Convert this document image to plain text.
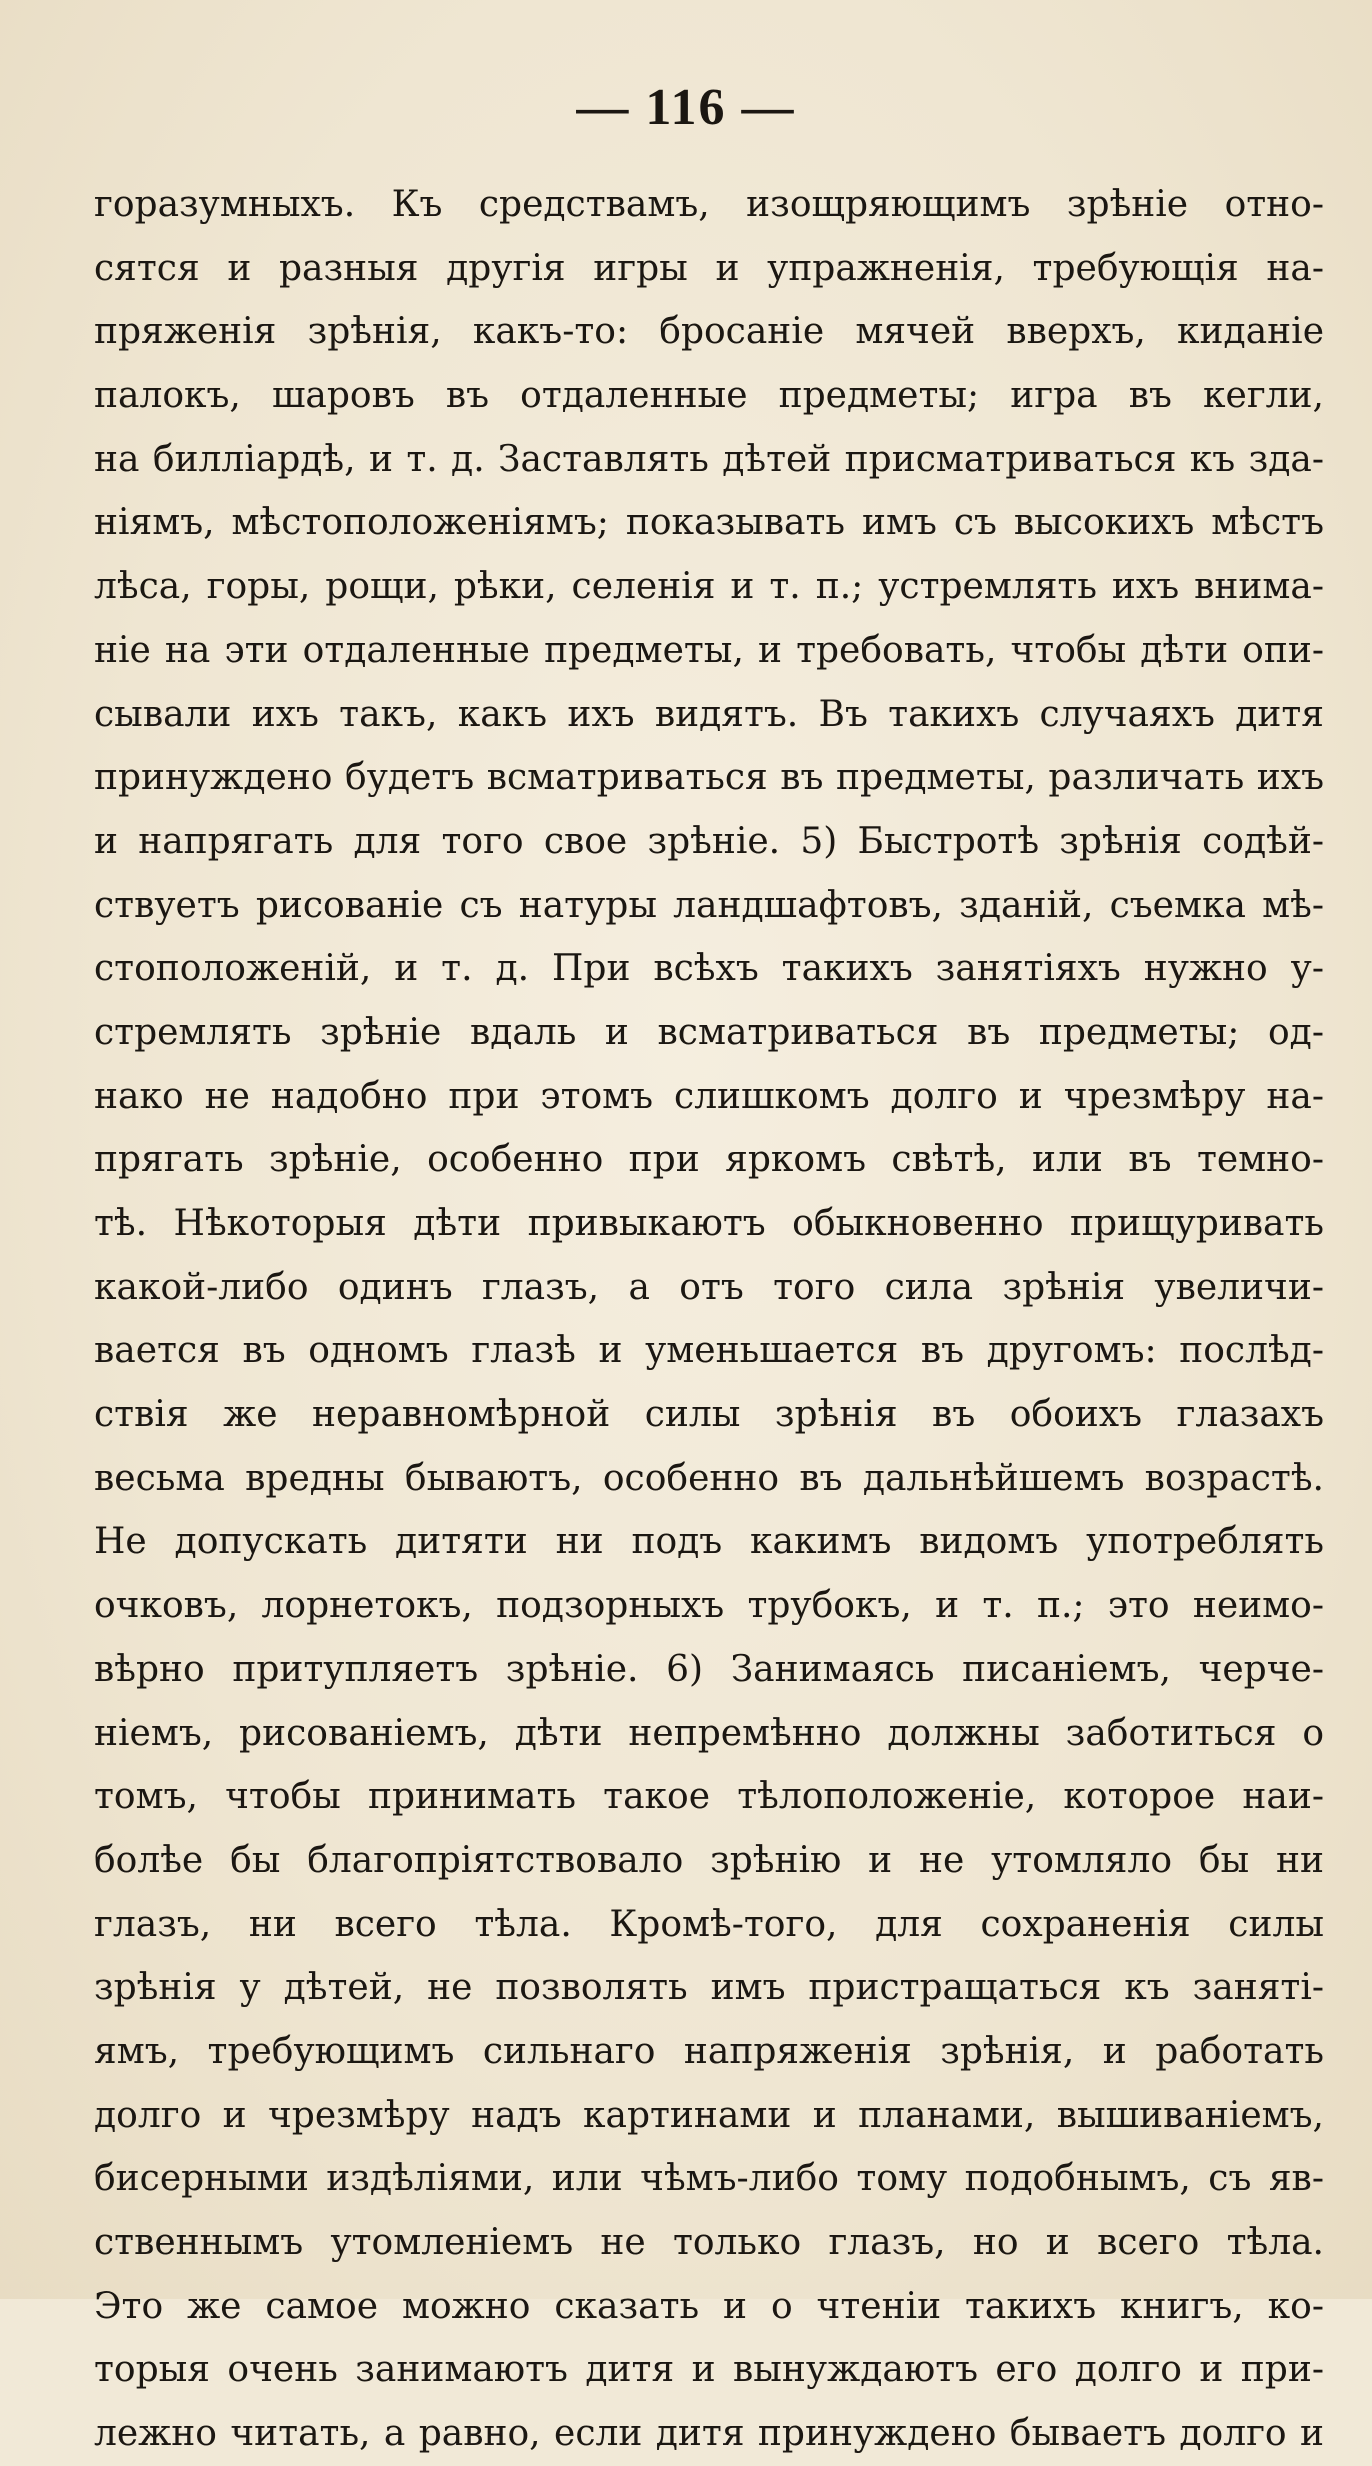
— 116 —
горазумныхъ. Къ средствамъ, изощряющимъ зрѣніе отно-
сятся и разныя другія игры и упражненія, требующія на-
пряженія зрѣнія, какъ-то: бросаніе мячей вверхъ, киданіе
палокъ, шаровъ въ отдаленные предметы; игра въ кегли,
на билліардѣ, и т. д. Заставлять дѣтей присматриваться къ зда-
ніямъ, мѣстоположеніямъ; показывать имъ съ высокихъ мѣстъ
лѣса, горы, рощи, рѣки, селенія и т. п.; устремлять ихъ внима-
ніе на эти отдаленные предметы, и требовать, чтобы дѣти опи-
сывали ихъ такъ, какъ ихъ видятъ. Въ такихъ случаяхъ дитя
принуждено будетъ всматриваться въ предметы, различать ихъ
и напрягать для того свое зрѣніе. 5) Быстротѣ зрѣнія содѣй-
ствуетъ рисованіе съ натуры ландшафтовъ, зданій, съемка мѣ-
стоположеній, и т. д. При всѣхъ такихъ занятіяхъ нужно у-
стремлять зрѣніе вдаль и всматриваться въ предметы; од-
нако не надобно при этомъ слишкомъ долго и чрезмѣру на-
прягать зрѣніе, особенно при яркомъ свѣтѣ, или въ темно-
тѣ. Нѣкоторыя дѣти привыкаютъ обыкновенно прищуривать
какой-либо одинъ глазъ, а отъ того сила зрѣнія увеличи-
вается въ одномъ глазѣ и уменьшается въ другомъ: послѣд-
ствія же неравномѣрной силы зрѣнія въ обоихъ глазахъ
весьма вредны бываютъ, особенно въ дальнѣйшемъ возрастѣ.
Не допускать дитяти ни подъ какимъ видомъ употреблять
очковъ, лорнетокъ, подзорныхъ трубокъ, и т. п.; это неимо-
вѣрно притупляетъ зрѣніе. 6) Занимаясь писаніемъ, черче-
ніемъ, рисованіемъ, дѣти непремѣнно должны заботиться о
томъ, чтобы принимать такое тѣлоположеніе, которое наи-
болѣе бы благопріятствовало зрѣнію и не утомляло бы ни
глазъ, ни всего тѣла. Кромѣ-того, для сохраненія силы
зрѣнія у дѣтей, не позволять имъ пристращаться къ заняті-
ямъ, требующимъ сильнаго напряженія зрѣнія, и работать
долго и чрезмѣру надъ картинами и планами, вышиваніемъ,
бисерными издѣліями, или чѣмъ-либо тому подобнымъ, съ яв-
ственнымъ утомленіемъ не только глазъ, но и всего тѣла.
Это же самое можно сказать и о чтеніи такихъ книгъ, ко-
торыя очень занимаютъ дитя и вынуждаютъ его долго и при-
лежно читать, а равно, если дитя принуждено бываетъ долго и
